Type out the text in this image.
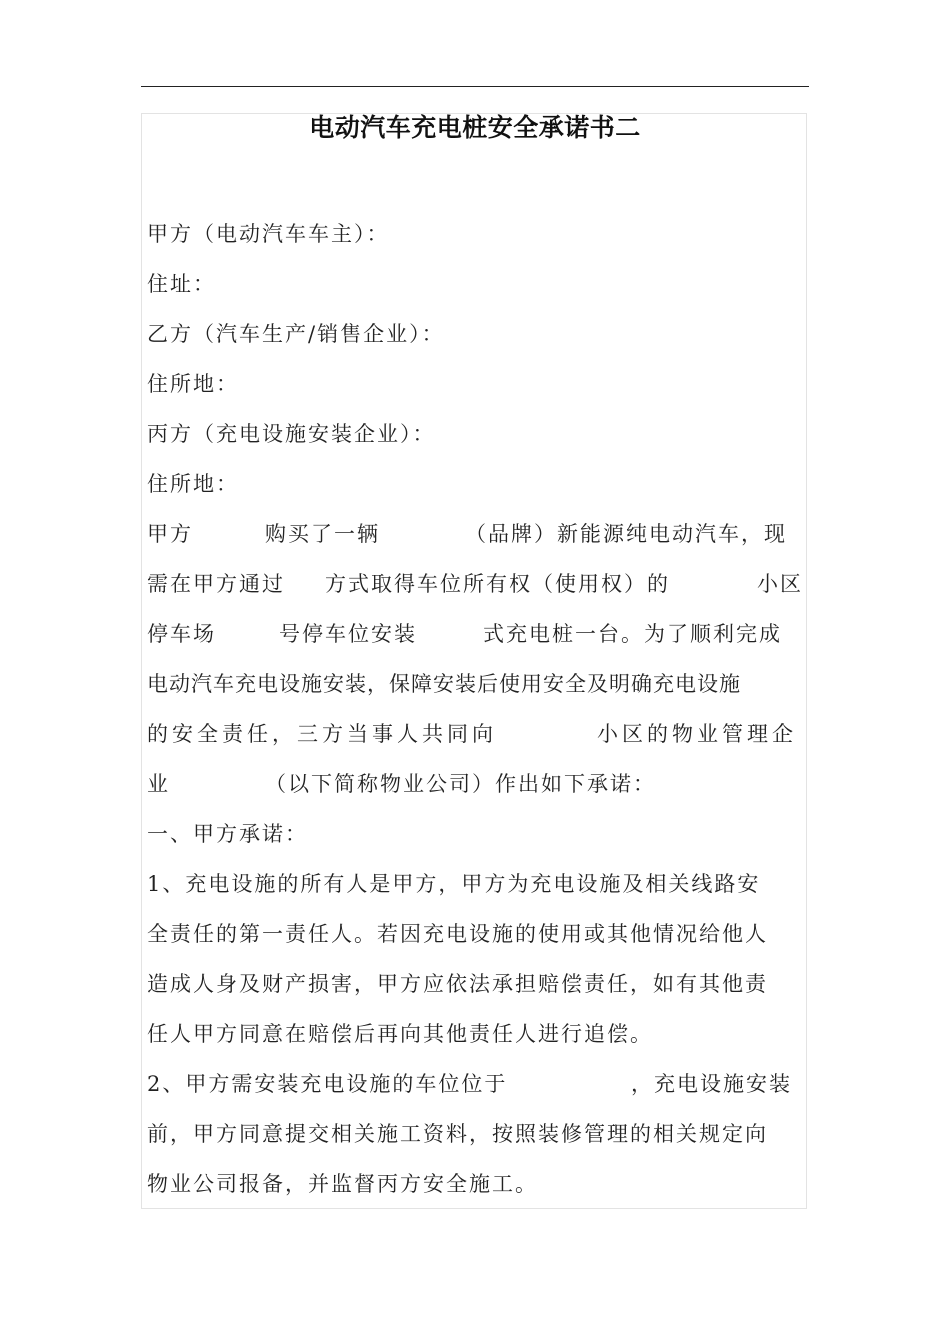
电动汽车充电桩安全承诺书二
甲方（电动汽车车主）：
住址：
乙方（汽车生产/销售企业）：
住所地：
丙方（充电设施安装企业）：
住所地：
甲方	购买了一辆	（品牌）新能源纯电动汽车，现
需在甲方通过 方式取得车位所有权（使用权）的	小区
停车场	号停车位安装	式充电桩一台。为了顺利完成
电动汽车充电设施安装，保障安装后使用安全及明确充电设施
的安全责任，三方当事人共同向	小区的物业管理企
业	（以下简称物业公司）作出如下承诺：
一、甲方承诺：
1、充电设施的所有人是甲方，甲方为充电设施及相关线路安
全责任的第一责任人。若因充电设施的使用或其他情况给他人
造成人身及财产损害，甲方应依法承担赔偿责任，如有其他责
任人甲方同意在赔偿后再向其他责任人进行追偿。
2、甲方需安装充电设施的车位位于	，充电设施安装
前，甲方同意提交相关施工资料，按照装修管理的相关规定向
物业公司报备，并监督丙方安全施工。
